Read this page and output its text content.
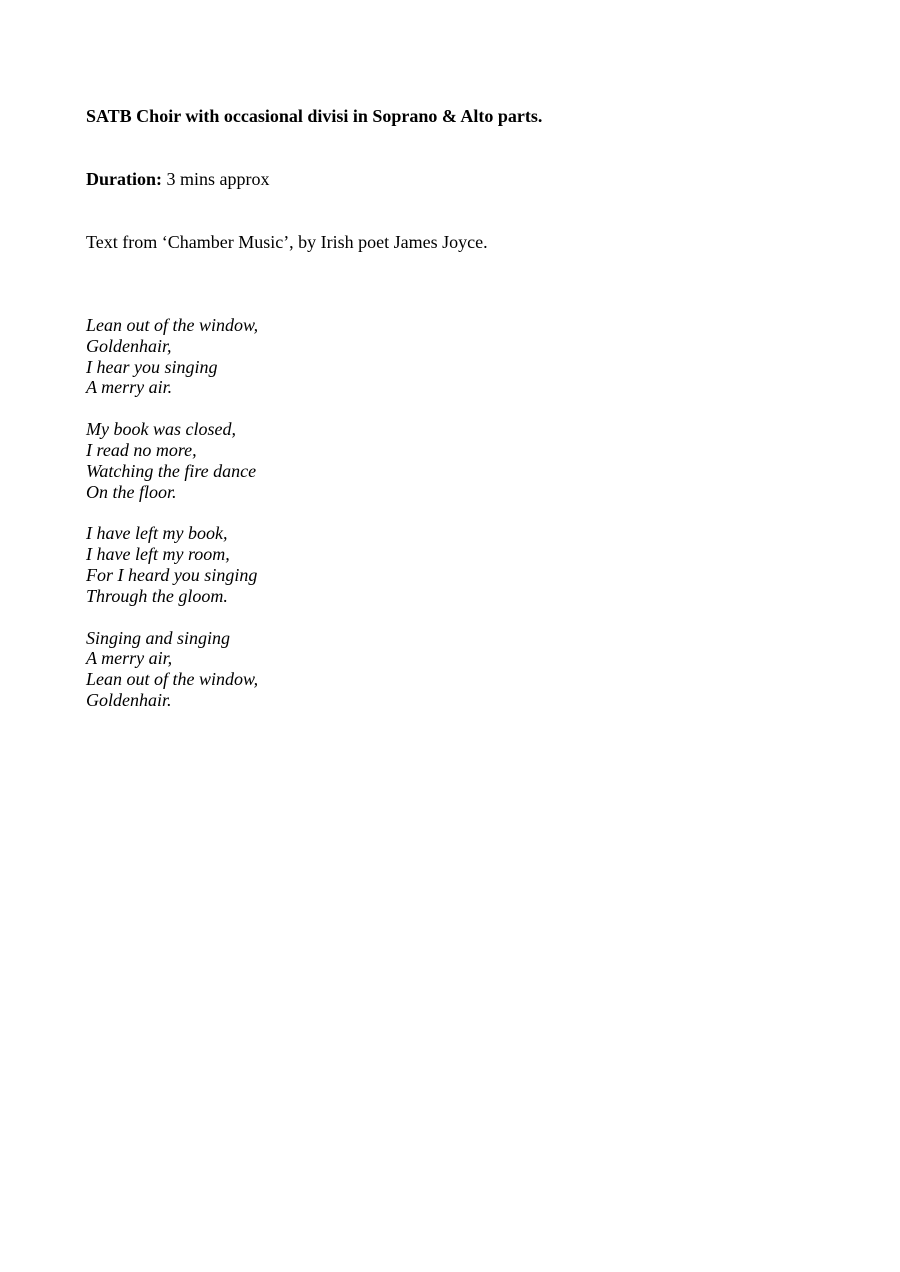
SATB Choir with occasional divisi in Soprano & Alto parts.
Duration: 3 mins approx
Text from ‘Chamber Music’, by Irish poet James Joyce.
Lean out of the window,
Goldenhair,
I hear you singing
A merry air.
My book was closed,
I read no more,
Watching the fire dance
On the floor.
I have left my book,
I have left my room,
For I heard you singing
Through the gloom.
Singing and singing
A merry air,
Lean out of the window,
Goldenhair.
